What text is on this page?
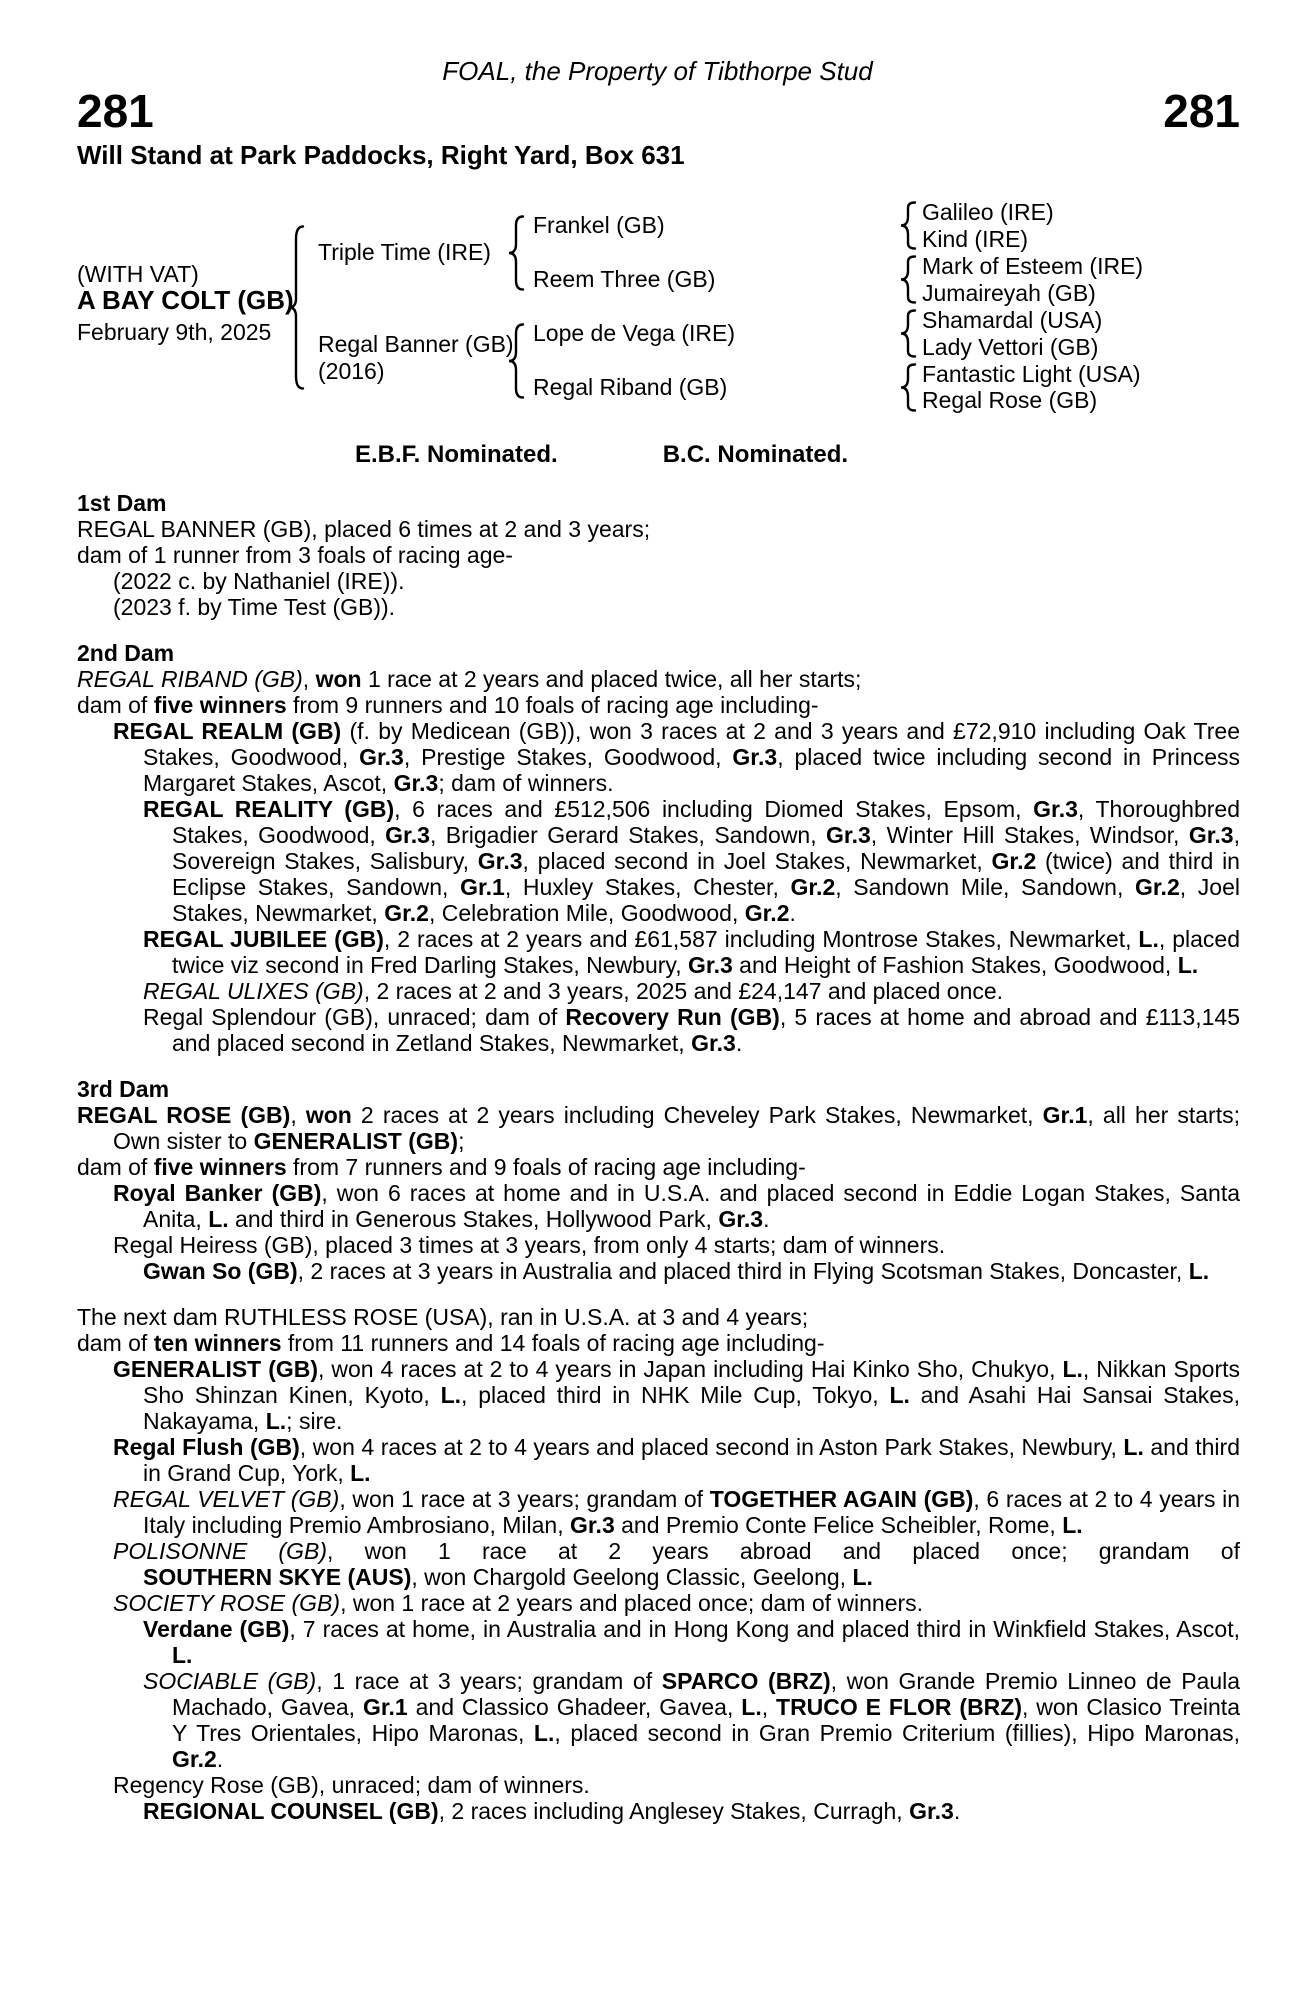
FOAL, the Property of Tibthorpe Stud
281	281
Will Stand at Park Paddocks, Right Yard, Box 631
(WITH VAT)
A BAY COLT (GB)
February 9th, 2025
Triple Time (IRE)
Regal Banner (GB)
(2016)
Frankel (GB)
Reem Three (GB)
Lope de Vega (IRE)
Regal Riband (GB)
Galileo (IRE)
Kind (IRE)
Mark of Esteem (IRE)
Jumaireyah (GB)
Shamardal (USA)
Lady Vettori (GB)
Fantastic Light (USA)
Regal Rose (GB)
E.B.F. Nominated.	B.C. Nominated.
1st Dam
REGAL BANNER (GB), placed 6 times at 2 and 3 years;
dam of 1 runner from 3 foals of racing age-
(2022 c. by Nathaniel (IRE)).
(2023 f. by Time Test (GB)).
2nd Dam
REGAL RIBAND (GB), won 1 race at 2 years and placed twice, all her starts;
dam of five winners from 9 runners and 10 foals of racing age including-
REGAL REALM (GB) (f. by Medicean (GB)), won 3 races at 2 and 3 years and £72,910 including Oak Tree Stakes, Goodwood, Gr.3, Prestige Stakes, Goodwood, Gr.3, placed twice including second in Princess Margaret Stakes, Ascot, Gr.3; dam of winners.
REGAL REALITY (GB), 6 races and £512,506 including Diomed Stakes, Epsom, Gr.3, Thoroughbred Stakes, Goodwood, Gr.3, Brigadier Gerard Stakes, Sandown, Gr.3, Winter Hill Stakes, Windsor, Gr.3, Sovereign Stakes, Salisbury, Gr.3, placed second in Joel Stakes, Newmarket, Gr.2 (twice) and third in Eclipse Stakes, Sandown, Gr.1, Huxley Stakes, Chester, Gr.2, Sandown Mile, Sandown, Gr.2, Joel Stakes, Newmarket, Gr.2, Celebration Mile, Goodwood, Gr.2.
REGAL JUBILEE (GB), 2 races at 2 years and £61,587 including Montrose Stakes, Newmarket, L., placed twice viz second in Fred Darling Stakes, Newbury, Gr.3 and Height of Fashion Stakes, Goodwood, L.
REGAL ULIXES (GB), 2 races at 2 and 3 years, 2025 and £24,147 and placed once.
Regal Splendour (GB), unraced; dam of Recovery Run (GB), 5 races at home and abroad and £113,145 and placed second in Zetland Stakes, Newmarket, Gr.3.
3rd Dam
REGAL ROSE (GB), won 2 races at 2 years including Cheveley Park Stakes, Newmarket, Gr.1, all her starts; Own sister to GENERALIST (GB);
dam of five winners from 7 runners and 9 foals of racing age including-
Royal Banker (GB), won 6 races at home and in U.S.A. and placed second in Eddie Logan Stakes, Santa Anita, L. and third in Generous Stakes, Hollywood Park, Gr.3.
Regal Heiress (GB), placed 3 times at 3 years, from only 4 starts; dam of winners.
Gwan So (GB), 2 races at 3 years in Australia and placed third in Flying Scotsman Stakes, Doncaster, L.
The next dam RUTHLESS ROSE (USA), ran in U.S.A. at 3 and 4 years;
dam of ten winners from 11 runners and 14 foals of racing age including-
GENERALIST (GB), won 4 races at 2 to 4 years in Japan including Hai Kinko Sho, Chukyo, L., Nikkan Sports Sho Shinzan Kinen, Kyoto, L., placed third in NHK Mile Cup, Tokyo, L. and Asahi Hai Sansai Stakes, Nakayama, L.; sire.
Regal Flush (GB), won 4 races at 2 to 4 years and placed second in Aston Park Stakes, Newbury, L. and third in Grand Cup, York, L.
REGAL VELVET (GB), won 1 race at 3 years; grandam of TOGETHER AGAIN (GB), 6 races at 2 to 4 years in Italy including Premio Ambrosiano, Milan, Gr.3 and Premio Conte Felice Scheibler, Rome, L.
POLISONNE (GB), won 1 race at 2 years abroad and placed once; grandam of
SOUTHERN SKYE (AUS), won Chargold Geelong Classic, Geelong, L.
SOCIETY ROSE (GB), won 1 race at 2 years and placed once; dam of winners.
Verdane (GB), 7 races at home, in Australia and in Hong Kong and placed third in Winkfield Stakes, Ascot, L.
SOCIABLE (GB), 1 race at 3 years; grandam of SPARCO (BRZ), won Grande Premio Linneo de Paula Machado, Gavea, Gr.1 and Classico Ghadeer, Gavea, L., TRUCO E FLOR (BRZ), won Clasico Treinta Y Tres Orientales, Hipo Maronas, L., placed second in Gran Premio Criterium (fillies), Hipo Maronas, Gr.2.
Regency Rose (GB), unraced; dam of winners.
REGIONAL COUNSEL (GB), 2 races including Anglesey Stakes, Curragh, Gr.3.
